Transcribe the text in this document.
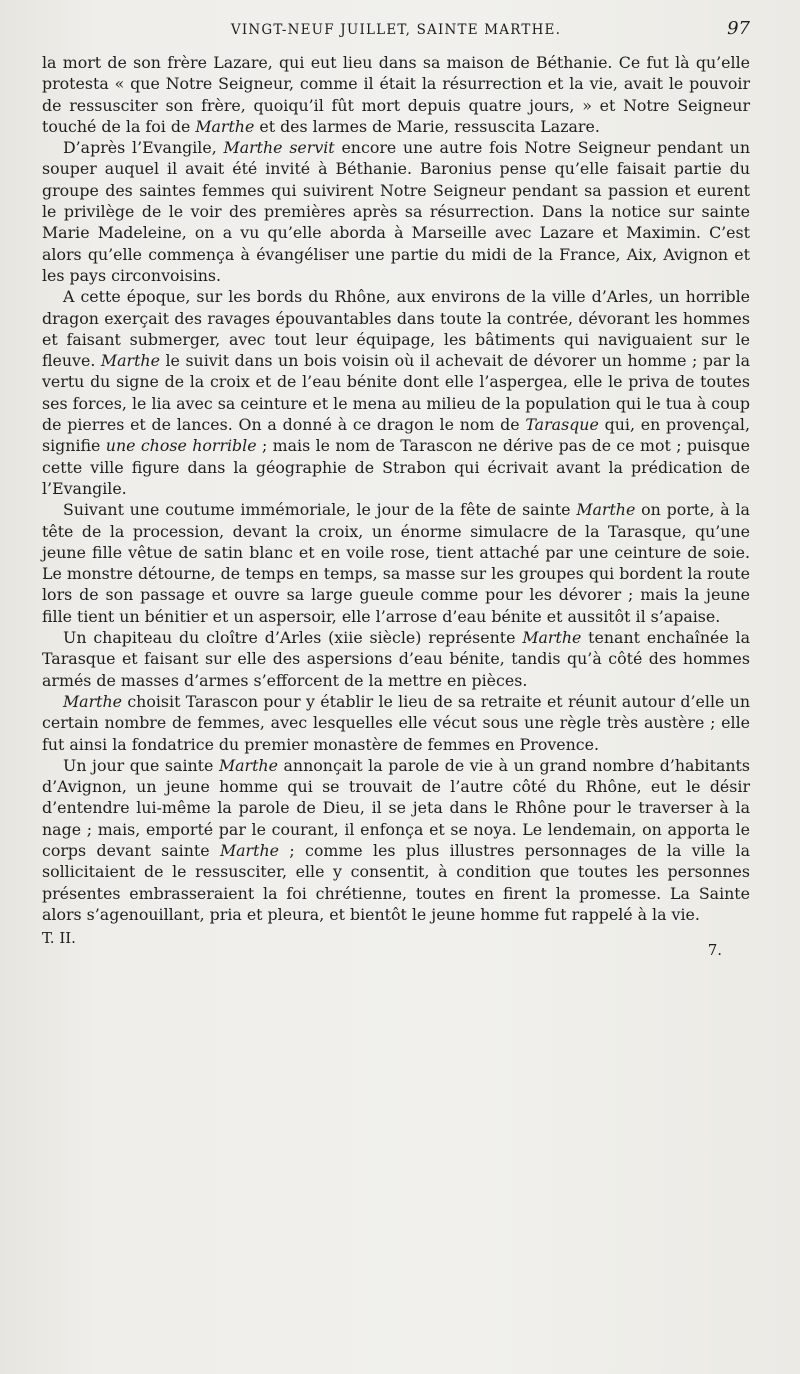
VINGT-NEUF JUILLET, SAINTE MARTHE.	97

la mort de son frère Lazare, qui eut lieu dans sa maison de Béthanie. Ce fut là qu’elle protesta « que Notre Seigneur, comme il était la résurrection et la vie, avait le pouvoir de ressusciter son frère, quoiqu’il fût mort depuis quatre jours, » et Notre Seigneur touché de la foi de Marthe et des larmes de Marie, ressuscita Lazare.

D’après l’Evangile, Marthe servit encore une autre fois Notre Seigneur pendant un souper auquel il avait été invité à Béthanie. Baronius pense qu’elle faisait partie du groupe des saintes femmes qui suivirent Notre Seigneur pendant sa passion et eurent le privilège de le voir des premières après sa résurrection. Dans la notice sur sainte Marie Madeleine, on a vu qu’elle aborda à Marseille avec Lazare et Maximin. C’est alors qu’elle commença à évangéliser une partie du midi de la France, Aix, Avignon et les pays circonvoisins.

A cette époque, sur les bords du Rhône, aux environs de la ville d’Arles, un horrible dragon exerçait des ravages épouvantables dans toute la contrée, dévorant les hommes et faisant submerger, avec tout leur équipage, les bâtiments qui naviguaient sur le fleuve. Marthe le suivit dans un bois voisin où il achevait de dévorer un homme ; par la vertu du signe de la croix et de l’eau bénite dont elle l’aspergea, elle le priva de toutes ses forces, le lia avec sa ceinture et le mena au milieu de la population qui le tua à coup de pierres et de lances. On a donné à ce dragon le nom de Tarasque qui, en provençal, signifie une chose horrible ; mais le nom de Tarascon ne dérive pas de ce mot ; puisque cette ville figure dans la géographie de Strabon qui écrivait avant la prédication de l’Evangile.

Suivant une coutume immémoriale, le jour de la fête de sainte Marthe on porte, à la tête de la procession, devant la croix, un énorme simulacre de la Tarasque, qu’une jeune fille vêtue de satin blanc et en voile rose, tient attaché par une ceinture de soie. Le monstre détourne, de temps en temps, sa masse sur les groupes qui bordent la route lors de son passage et ouvre sa large gueule comme pour les dévorer ; mais la jeune fille tient un bénitier et un aspersoir, elle l’arrose d’eau bénite et aussitôt il s’apaise.

Un chapiteau du cloître d’Arles (xiie siècle) représente Marthe tenant enchaînée la Tarasque et faisant sur elle des aspersions d’eau bénite, tandis qu’à côté des hommes armés de masses d’armes s’efforcent de la mettre en pièces.

Marthe choisit Tarascon pour y établir le lieu de sa retraite et réunit autour d’elle un certain nombre de femmes, avec lesquelles elle vécut sous une règle très austère ; elle fut ainsi la fondatrice du premier monastère de femmes en Provence.

Un jour que sainte Marthe annonçait la parole de vie à un grand nombre d’habitants d’Avignon, un jeune homme qui se trouvait de l’autre côté du Rhône, eut le désir d’entendre lui-même la parole de Dieu, il se jeta dans le Rhône pour le traverser à la nage ; mais, emporté par le courant, il enfonça et se noya. Le lendemain, on apporta le corps devant sainte Marthe ; comme les plus illustres personnages de la ville la sollicitaient de le ressusciter, elle y consentit, à condition que toutes les personnes présentes embrasseraient la foi chrétienne, toutes en firent la promesse. La Sainte alors s’agenouillant, pria et pleura, et bientôt le jeune homme fut rappelé à la vie.

T. II.
7.
